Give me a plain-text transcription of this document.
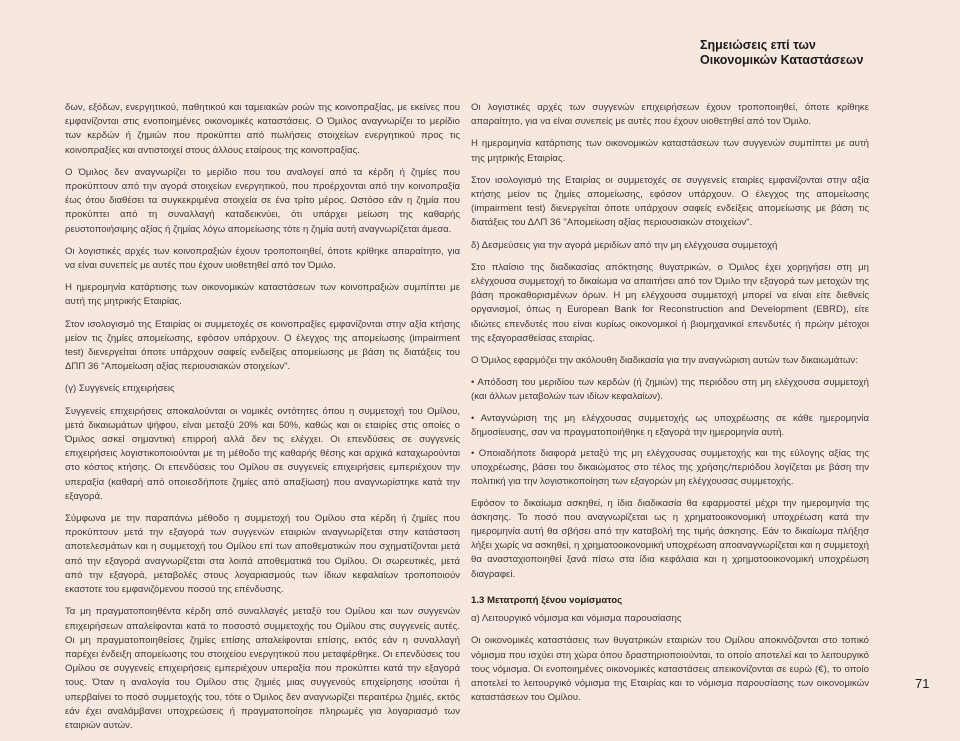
Σημειώσεις επί των
Οικονομικών Καταστάσεων

δων, εξόδων, ενεργητικού, παθητικού και ταμειακών ροών της κοινοπραξίας, με εκείνες που εμφανίζονται στις ενοποιημένες οικονομικές καταστάσεις. Ο Όμιλος αναγνωρίζει το μερίδιο των κερδών ή ζημιών που προκύπτει από πωλήσεις στοιχείων ενεργητικού προς τις κοινοπραξίες και αντιστοιχεί στους άλλους εταίρους της κοινοπραξίας.

Ο Όμιλος δεν αναγνωρίζει το μερίδιο που του αναλογεί από τα κέρδη ή ζημίες που προκύπτουν από την αγορά στοιχείων ενεργητικού, που προέρχονται από την κοινοπραξία έως ότου διαθέσει τα συγκεκριμένα στοιχεία σε ένα τρίτο μέρος. Ωστόσο εάν η ζημία που προκύπτει από τη συναλλαγή καταδεικνύει, ότι υπάρχει μείωση της καθαρής ρευστοποιήσιμης αξίας ή ζημίας λόγω απομείωσης τότε η ζημία αυτή αναγνωρίζεται άμεσα.

Οι λογιστικές αρχές των κοινοπραξιών έχουν τροποποιηθεί, όποτε κρίθηκε απαραίτητο, για να είναι συνεπείς με αυτές που έχουν υιοθετηθεί από τον Όμιλο.

Η ημερομηνία κατάρτισης των οικονομικών καταστάσεων των κοινοπραξιών συμπίπτει με αυτή της μητρικής Εταιρίας.

Στον ισολογισμό της Εταιρίας οι συμμετοχές σε κοινοπραξίες εμφανίζονται στην αξία κτήσης μείον τις ζημίες απομείωσης, εφόσον υπάρχουν. Ο έλεγχος της απομείωσης (impairment test) διενεργείται όποτε υπάρχουν σαφείς ενδείξεις απομείωσης με βάση τις διατάξεις του ΔΠΠ 36 "Απομείωση αξίας περιουσιακών στοιχείων".

(γ) Συγγενείς επιχειρήσεις

Συγγενείς επιχειρήσεις αποκαλούνται οι νομικές οντότητες όπου η συμμετοχή του Ομίλου, μετά δικαιωμάτων ψήφου, είναι μεταξύ 20% και 50%, καθώς και οι εταιρίες στις οποίες ο Όμιλος ασκεί σημαντική επιρροή αλλά δεν τις ελέγχει. Οι επενδύσεις σε συγγενείς επιχειρήσεις λογιστικοποιούνται με τη μέθοδο της καθαρής θέσης και αρχικά καταχωρούνται στο κόστος κτήσης. Οι επενδύσεις του Ομίλου σε συγγενείς επιχειρήσεις εμπεριέχουν την υπεραξία (καθαρή από οποιεσδήποτε ζημίες από απαξίωση) που αναγνωρίστηκε κατά την εξαγορά.

Σύμφωνα με την παραπάνω μέθοδο η συμμετοχή του Ομίλου στα κέρδη ή ζημίες που προκύπτουν μετά την εξαγορά των συγγενών εταιριών αναγνωρίζεται στην κατάσταση αποτελεσμάτων και η συμμετοχή του Ομίλου επί των αποθεματικών που σχηματίζονται μετά από την εξαγορά αναγνωρίζεται στα λοιπά αποθεματικά του Ομίλου. Οι σωρευτικές, μετά από την εξαγορά, μεταβολές στους λογαριασμούς των ίδιων κεφαλαίων τροποποιούν εκαστοτε του εμφανιζόμενου ποσού της επένδυσης.

Τα μη πραγματοποιηθέντα κέρδη από συναλλαγές μεταξύ του Ομίλου και των συγγενών επιχειρήσεων απαλείφονται κατά το ποσοστό συμμετοχής του Ομίλου στις συγγενείς αυτές. Οι μη πραγματοποιηθείσες ζημίες επίσης απαλείφονται επίσης, εκτός εάν η συναλλαγή παρέχει ένδειξη απομείωσης του στοιχείου ενεργητικού που μεταφέρθηκε. Οι επενδύσεις του Ομίλου σε συγγενείς επιχειρήσεις εμπεριέχουν υπεραξία που προκύπτει κατά την εξαγορά τους. Όταν η αναλογία του Ομίλου στις ζημιές μιας συγγενούς επιχείρησης ισούται ή υπερβαίνει το ποσό συμμετοχής του, τότε ο Όμιλος δεν αναγνωρίζει περαιτέρω ζημιές, εκτός εάν έχει αναλάμβανει υποχρεώσεις ή πραγματοποίησε πληρωμές για λογαριασμό των εταιριών αυτών.

Οι λογιστικές αρχές των συγγενών επιχειρήσεων έχουν τροποποιηθεί, όποτε κρίθηκε απαραίτητο, για να είναι συνεπείς με αυτές που έχουν υιοθετηθεί από τον Όμιλο.

Η ημερομηνία κατάρτισης των οικονομικών καταστάσεων των συγγενών συμπίπτει με αυτή της μητρικής Εταιρίας.

Στον ισολογισμό της Εταιρίας οι συμμετοχές σε συγγενείς εταιρίες εμφανίζονται στην αξία κτήσης μείον τις ζημίες απομείωσης, εφόσον υπάρχουν. Ο έλεγχος της απομείωσης (impairment test) διενεργείται όποτε υπάρχουν σαφείς ενδείξεις απομείωσης με βάση τις διατάξεις του ΔΛΠ 36 "Απομείωση αξίας περιουσιακών στοιχείων".

δ) Δεσμεύσεις για την αγορά μεριδίων από την μη ελέγχουσα συμμετοχή

Στο πλαίσιο της διαδικασίας απόκτησης θυγατρικών, ο Όμιλος έχει χορηγήσει στη μη ελέγχουσα συμμετοχή το δικαίωμα να απαιτήσει από τον Όμιλο την εξαγορά των μετοχών της βάση προκαθορισμένων όρων. Η μη ελέγχουσα συμμετοχή μπορεί να είναι είτε διεθνείς οργανισμοί, όπως η European Bank for Reconstruction and Development (EBRD), είτε ιδιώτες επενδυτές που είναι κυρίως οικονομικοί ή βιομηχανικοί επενδυτές ή πρώην μέτοχοι της εξαγορασθείσας εταιρίας.

Ο Όμιλος εφαρμόζει την ακόλουθη διαδικασία για την αναγνώριση αυτών των δικαιωμάτων:

• Απόδοση του μεριδίου των κερδών (ή ζημιών) της περιόδου στη μη ελέγχουσα συμμετοχή (και άλλων μεταβολών των ιδίων κεφαλαίων).

• Ανταγνώριση της μη ελέγχουσας συμμετοχής ως υποχρέωσης σε κάθε ημερομηνία δημοσίευσης, σαν να πραγματοποιήθηκε η εξαγορά την ημερομηνία αυτή.

• Οποιαδήποτε διαφορά μεταξύ της μη ελέγχουσας συμμετοχής και της εύλογης αξίας της υποχρέωσης, βάσει του δικαιώματος στο τέλος της χρήσης/περιόδου λογίζεται με βάση την πολιτική για την λογιστικοποίηση των εξαγορών μη ελέγχουσας συμμετοχής.

Εφόσον το δικαίωμα ασκηθεί, η ίδια διαδικασία θα εφαρμοστεί μέχρι την ημερομηνία της άσκησης. Το ποσό που αναγνωρίζεται ως η χρηματοοικονομική υποχρέωση κατά την ημερομηνία αυτή θα σβήσει από την καταβολή της τιμής άσκησης. Εάν το δικαίωμα πλήξησ λήξει χωρίς να ασκηθεί, η χρηματοοικονομική υποχρέωση αποαναγνωρίζεται και η συμμετοχή θα ανασταχιοποιηθεί ξανά πίσω στα ίδια κεφάλαια και η χρηματοοικονομική υποχρέωση διαγραφεί.

1.3 Μετατροπή ξένου νομίσματος

α) Λειτουργικό νόμισμα και νόμισμα παρουσίασης

Οι οικονομικές καταστάσεις των θυγατρικών εταιριών του Ομίλου αποκινόζονται στο τοπικό νόμισμα που ισχύει στη χώρα όπου δραστηριοποιούνται, το οποίο αποτελεί και το λειτουργικό τους νόμισμα. Οι ενοποιημένες οικονομικές καταστάσεις απεικονίζονται σε ευρώ (€), το οποίο αποτελεί το λειτουργικό νόμισμα της Εταιρίας και το νόμισμα παρουσίασης των οικονομικών καταστάσεων του Ομίλου.

71
